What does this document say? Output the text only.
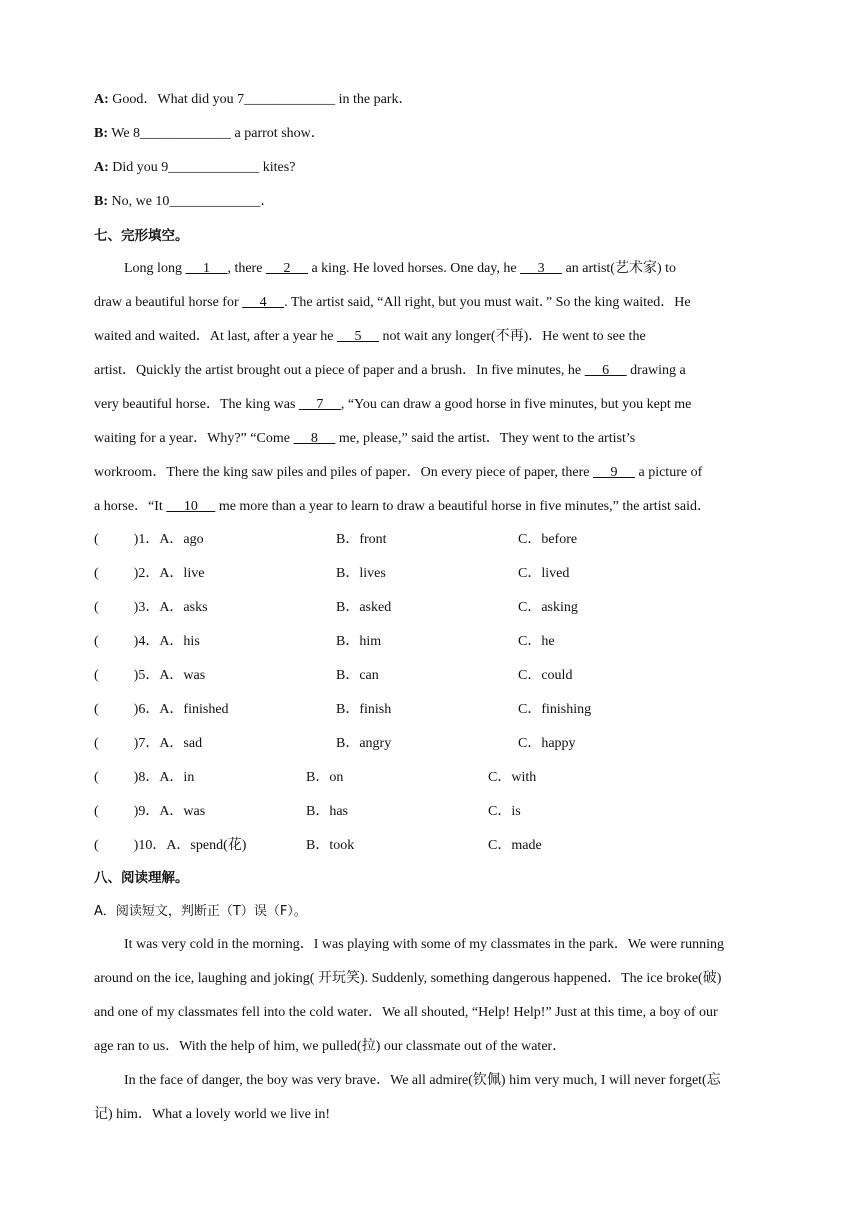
A: Good．What did you 7_____________ in the park．
B: We 8_____________ a parrot show．
A: Did you 9_____________ kites?
B: No, we 10_____________．
七、完形填空。
Long long      1     , there      2      a king. He loved horses. One day, he      3      an artist(艺术家) to
draw a beautiful horse for      4     . The artist said, “All right, but you must wait．” So the king waited．He
waited and waited．At last, after a year he      5      not wait any longer(不再)．He went to see the
artist．Quickly the artist brought out a piece of paper and a brush．In five minutes, he      6      drawing a
very beautiful horse．The king was      7     , “You can draw a good horse in five minutes, but you kept me
waiting for a year．Why?” “Come      8      me, please,” said the artist．They went to the artist’s
workroom．There the king saw piles and piles of paper．On every piece of paper, there      9      a picture of
a horse．“It      10      me more than a year to learn to draw a beautiful horse in five minutes,” the artist said．
(          )1．A．ago	B．front	C．before
(          )2．A．live	B．lives	C．lived
(          )3．A．asks	B．asked	C．asking
(          )4．A．his	B．him	C．he
(          )5．A．was	B．can	C．could
(          )6．A．finished	B．finish	C．finishing
(          )7．A．sad	B．angry	C．happy
(          )8．A．in	B．on	C．with
(          )9．A．was	B．has	C．is
(          )10．A．spend(花)	B．took	C．made
八、阅读理解。
A．阅读短文，判断正（T）误（F）。
It was very cold in the morning．I was playing with some of my classmates in the park．We were running
around on the ice, laughing and joking( 开玩笑). Suddenly, something dangerous happened．The ice broke(破)
and one of my classmates fell into the cold water．We all shouted, “Help! Help!” Just at this time, a boy of our
age ran to us．With the help of him, we pulled(拉) our classmate out of the water．
In the face of danger, the boy was very brave．We all admire(钦佩) him very much, I will never forget(忘
记) him．What a lovely world we live in!
